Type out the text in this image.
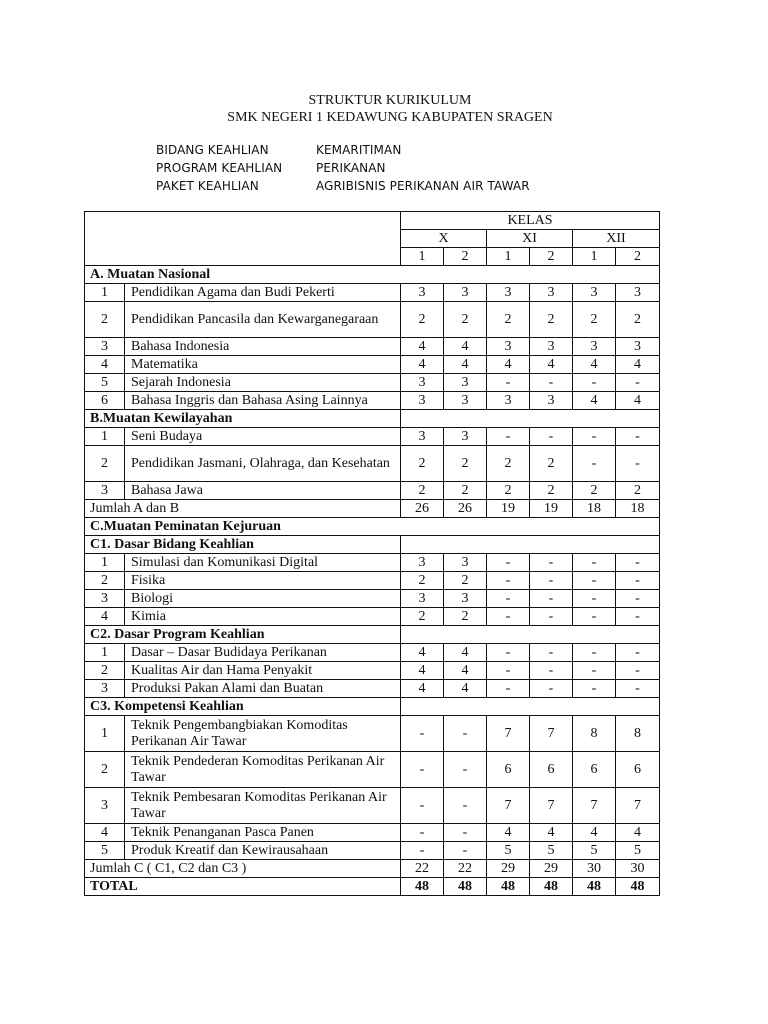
STRUKTUR KURIKULUM
SMK NEGERI 1 KEDAWUNG KABUPATEN SRAGEN
BIDANG KEAHLIAN	KEMARITIMAN
PROGRAM KEAHLIAN	PERIKANAN
PAKET KEAHLIAN	AGRIBISNIS PERIKANAN AIR TAWAR
		KELAS					
		X		XI		XII	
		1	2	1	2	1	2
A. Muatan Nasional							
1	Pendidikan Agama dan Budi Pekerti	3	3	3	3	3	3
2	Pendidikan Pancasila dan Kewarganegaraan	2	2	2	2	2	2
3	Bahasa Indonesia	4	4	3	3	3	3
4	Matematika	4	4	4	4	4	4
5	Sejarah Indonesia	3	3	-	-	-	-
6	Bahasa Inggris dan Bahasa Asing Lainnya	3	3	3	3	4	4
B.Muatan Kewilayahan							
1	Seni Budaya	3	3	-	-	-	-
2	Pendidikan Jasmani, Olahraga, dan Kesehatan	2	2	2	2	-	-
3	Bahasa Jawa	2	2	2	2	2	2
Jumlah A dan B		26	26	19	19	18	18
C.Muatan Peminatan Kejuruan							
C1. Dasar Bidang Keahlian							
1	Simulasi dan Komunikasi Digital	3	3	-	-	-	-
2	Fisika	2	2	-	-	-	-
3	Biologi	3	3	-	-	-	-
4	Kimia	2	2	-	-	-	-
C2. Dasar Program Keahlian							
1	Dasar – Dasar Budidaya Perikanan	4	4	-	-	-	-
2	Kualitas Air dan Hama Penyakit	4	4	-	-	-	-
3	Produksi Pakan Alami dan Buatan	4	4	-	-	-	-
C3. Kompetensi Keahlian							
1	Teknik Pengembangbiakan Komoditas Perikanan Air Tawar	-	-	7	7	8	8
2	Teknik Pendederan Komoditas Perikanan Air Tawar	-	-	6	6	6	6
3	Teknik Pembesaran Komoditas Perikanan Air Tawar	-	-	7	7	7	7
4	Teknik Penanganan Pasca Panen	-	-	4	4	4	4
5	Produk Kreatif dan Kewirausahaan	-	-	5	5	5	5
Jumlah C ( C1, C2 dan C3 )		22	22	29	29	30	30
TOTAL		48	48	48	48	48	48
